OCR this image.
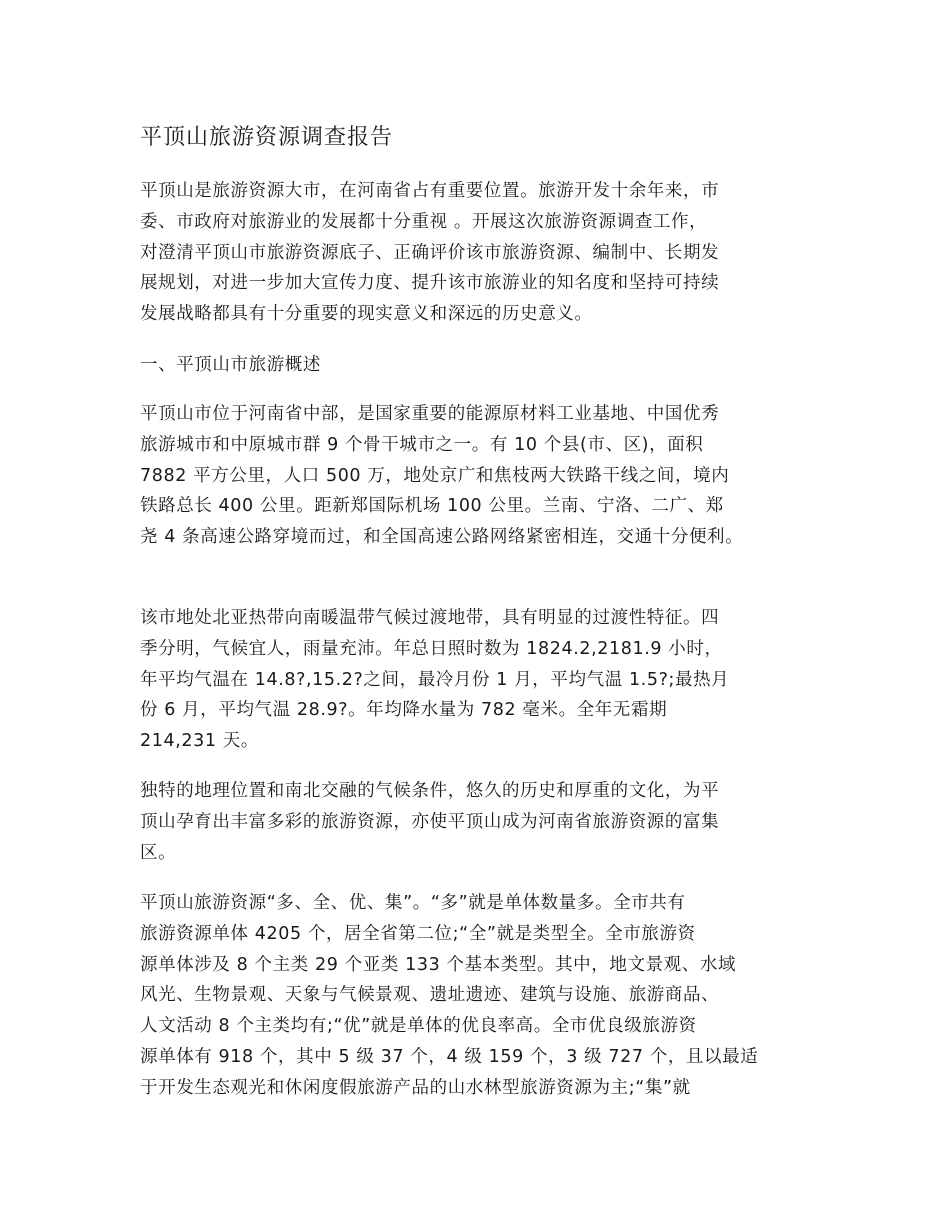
平顶山旅游资源调查报告
平顶山是旅游资源大市，在河南省占有重要位置。旅游开发十余年来，市
委、市政府对旅游业的发展都十分重视 。开展这次旅游资源调查工作，
对澄清平顶山市旅游资源底子、正确评价该市旅游资源、编制中、长期发
展规划，对进一步加大宣传力度、提升该市旅游业的知名度和坚持可持续
发展战略都具有十分重要的现实意义和深远的历史意义。
一、平顶山市旅游概述
平顶山市位于河南省中部，是国家重要的能源原材料工业基地、中国优秀
旅游城市和中原城市群 9 个骨干城市之一。有 10 个县(市、区)，面积
7882 平方公里，人口 500 万，地处京广和焦枝两大铁路干线之间，境内
铁路总长 400 公里。距新郑国际机场 100 公里。兰南、宁洛、二广、郑
尧 4 条高速公路穿境而过，和全国高速公路网络紧密相连，交通十分便利。
该市地处北亚热带向南暖温带气候过渡地带，具有明显的过渡性特征。四
季分明，气候宜人，雨量充沛。年总日照时数为 1824.2,2181.9 小时，
年平均气温在 14.8?,15.2?之间，最冷月份 1 月，平均气温 1.5?;最热月
份 6 月，平均气温 28.9?。年均降水量为 782 毫米。全年无霜期
214,231 天。
独特的地理位置和南北交融的气候条件，悠久的历史和厚重的文化，为平
顶山孕育出丰富多彩的旅游资源，亦使平顶山成为河南省旅游资源的富集
区。
平顶山旅游资源“多、全、优、集”。“多”就是单体数量多。全市共有
旅游资源单体 4205 个，居全省第二位;“全”就是类型全。全市旅游资
源单体涉及 8 个主类 29 个亚类 133 个基本类型。其中，地文景观、水域
风光、生物景观、天象与气候景观、遗址遗迹、建筑与设施、旅游商品、
人文活动 8 个主类均有;“优”就是单体的优良率高。全市优良级旅游资
源单体有 918 个，其中 5 级 37 个，4 级 159 个，3 级 727 个，且以最适
于开发生态观光和休闲度假旅游产品的山水林型旅游资源为主;“集”就
